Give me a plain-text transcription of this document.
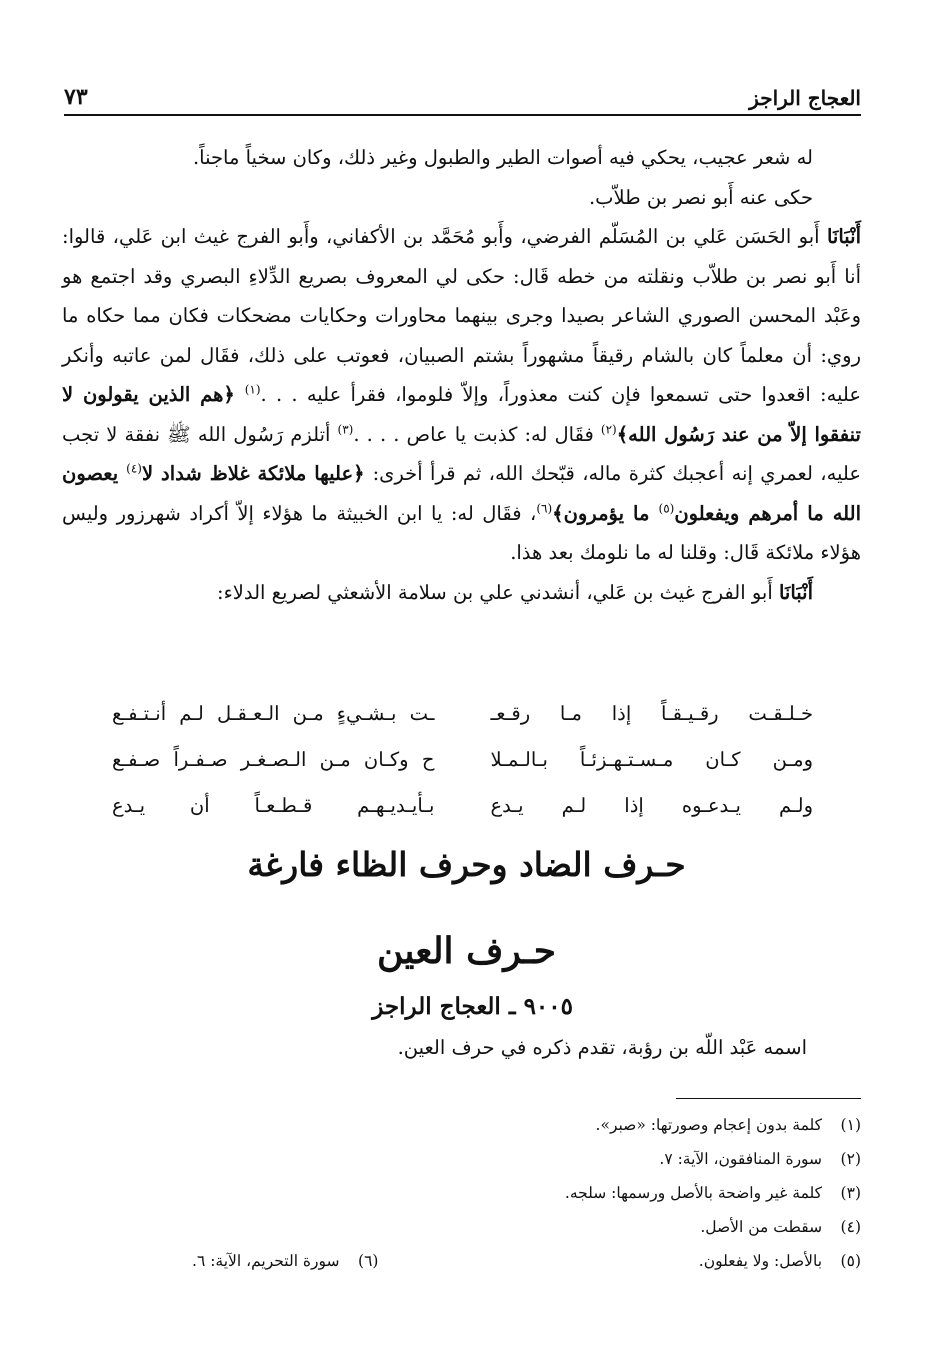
العجاج الراجز
٧٣

له شعر عجيب، يحكي فيه أصوات الطير والطبول وغير ذلك، وكان سخياً ماجناً.

حكى عنه أَبو نصر بن طلاّب.

أَنْبَانَا أَبو الحَسَن عَلي بن المُسَلّم الفرضي، وأَبو مُحَمَّد بن الأكفاني، وأَبو الفرج غيث ابن عَلي، قالوا: أنا أَبو نصر بن طلاّب ونقلته من خطه قَال: حكى لي المعروف بصريع الدِّلاءِ البصري وقد اجتمع هو وعَبْد المحسن الصوري الشاعر بصيدا وجرى بينهما محاورات وحكايات مضحكات فكان مما حكاه ما روي: أن معلماً كان بالشام رقيقاً مشهوراً بشتم الصبيان، فعوتب على ذلك، فقَال لمن عاتبه وأنكر عليه: اقعدوا حتى تسمعوا فإن كنت معذوراً، وإلاّ فلوموا، فقرأ عليه . . .$^{(١)}$ ﴿هم الذين يقولون لا تنفقوا إلاّ من عند رَسُول الله﴾$^{(٢)}$ فقَال له: كذبت يا عاص . . . .$^{(٣)}$ أتلزم رَسُول الله ﷺ نفقة لا تجب عليه، لعمري إنه أعجبك كثرة ماله، قبّحك الله، ثم قرأ أخرى: ﴿عليها ملائكة غلاظ شداد لا$^{(٤)}$ يعصون الله ما أمرهم ويفعلون$^{(٥)}$ ما يؤمرون﴾$^{(٦)}$، فقَال له: يا ابن الخبيثة ما هؤلاء إلاّ أكراد شهرزور وليس هؤلاء ملائكة قَال: وقلنا له ما نلومك بعد هذا.

أَنْبَانَا أَبو الفرج غيث بن عَلي، أنشدني علي بن سلامة الأشعثي لصريع الدلاء:

خـلـقـت رقـيـقـاً إذا مـا رقـعـ
ـت بـشـيءٍ مـن الـعـقـل لـم أنـتـفـع
ومـن كـان مـسـتـهـزئـاً بـالـمـلا
ح وكـان مـن الـصـغـر صـفـراً صـفـع
ولـم يـدعـوه إذا لـم يـدع
بـأيـديـهـم قـطـعـاً أن يـدع
حـرف الضاد وحرف الظاء فارغة
حـرف العين
٩٠٠٥ ـ العجاج الراجز
اسمه عَبْد اللّه بن رؤبة، تقدم ذكره في حرف العين.
(١) كلمة بدون إعجام وصورتها: «صبر».
(٢) سورة المنافقون، الآية: ٧.
(٣) كلمة غير واضحة بالأصل ورسمها: سلجه.
(٤) سقطت من الأصل.
(٥) بالأصل: ولا يفعلون.
(٦) سورة التحريم، الآية: ٦.
